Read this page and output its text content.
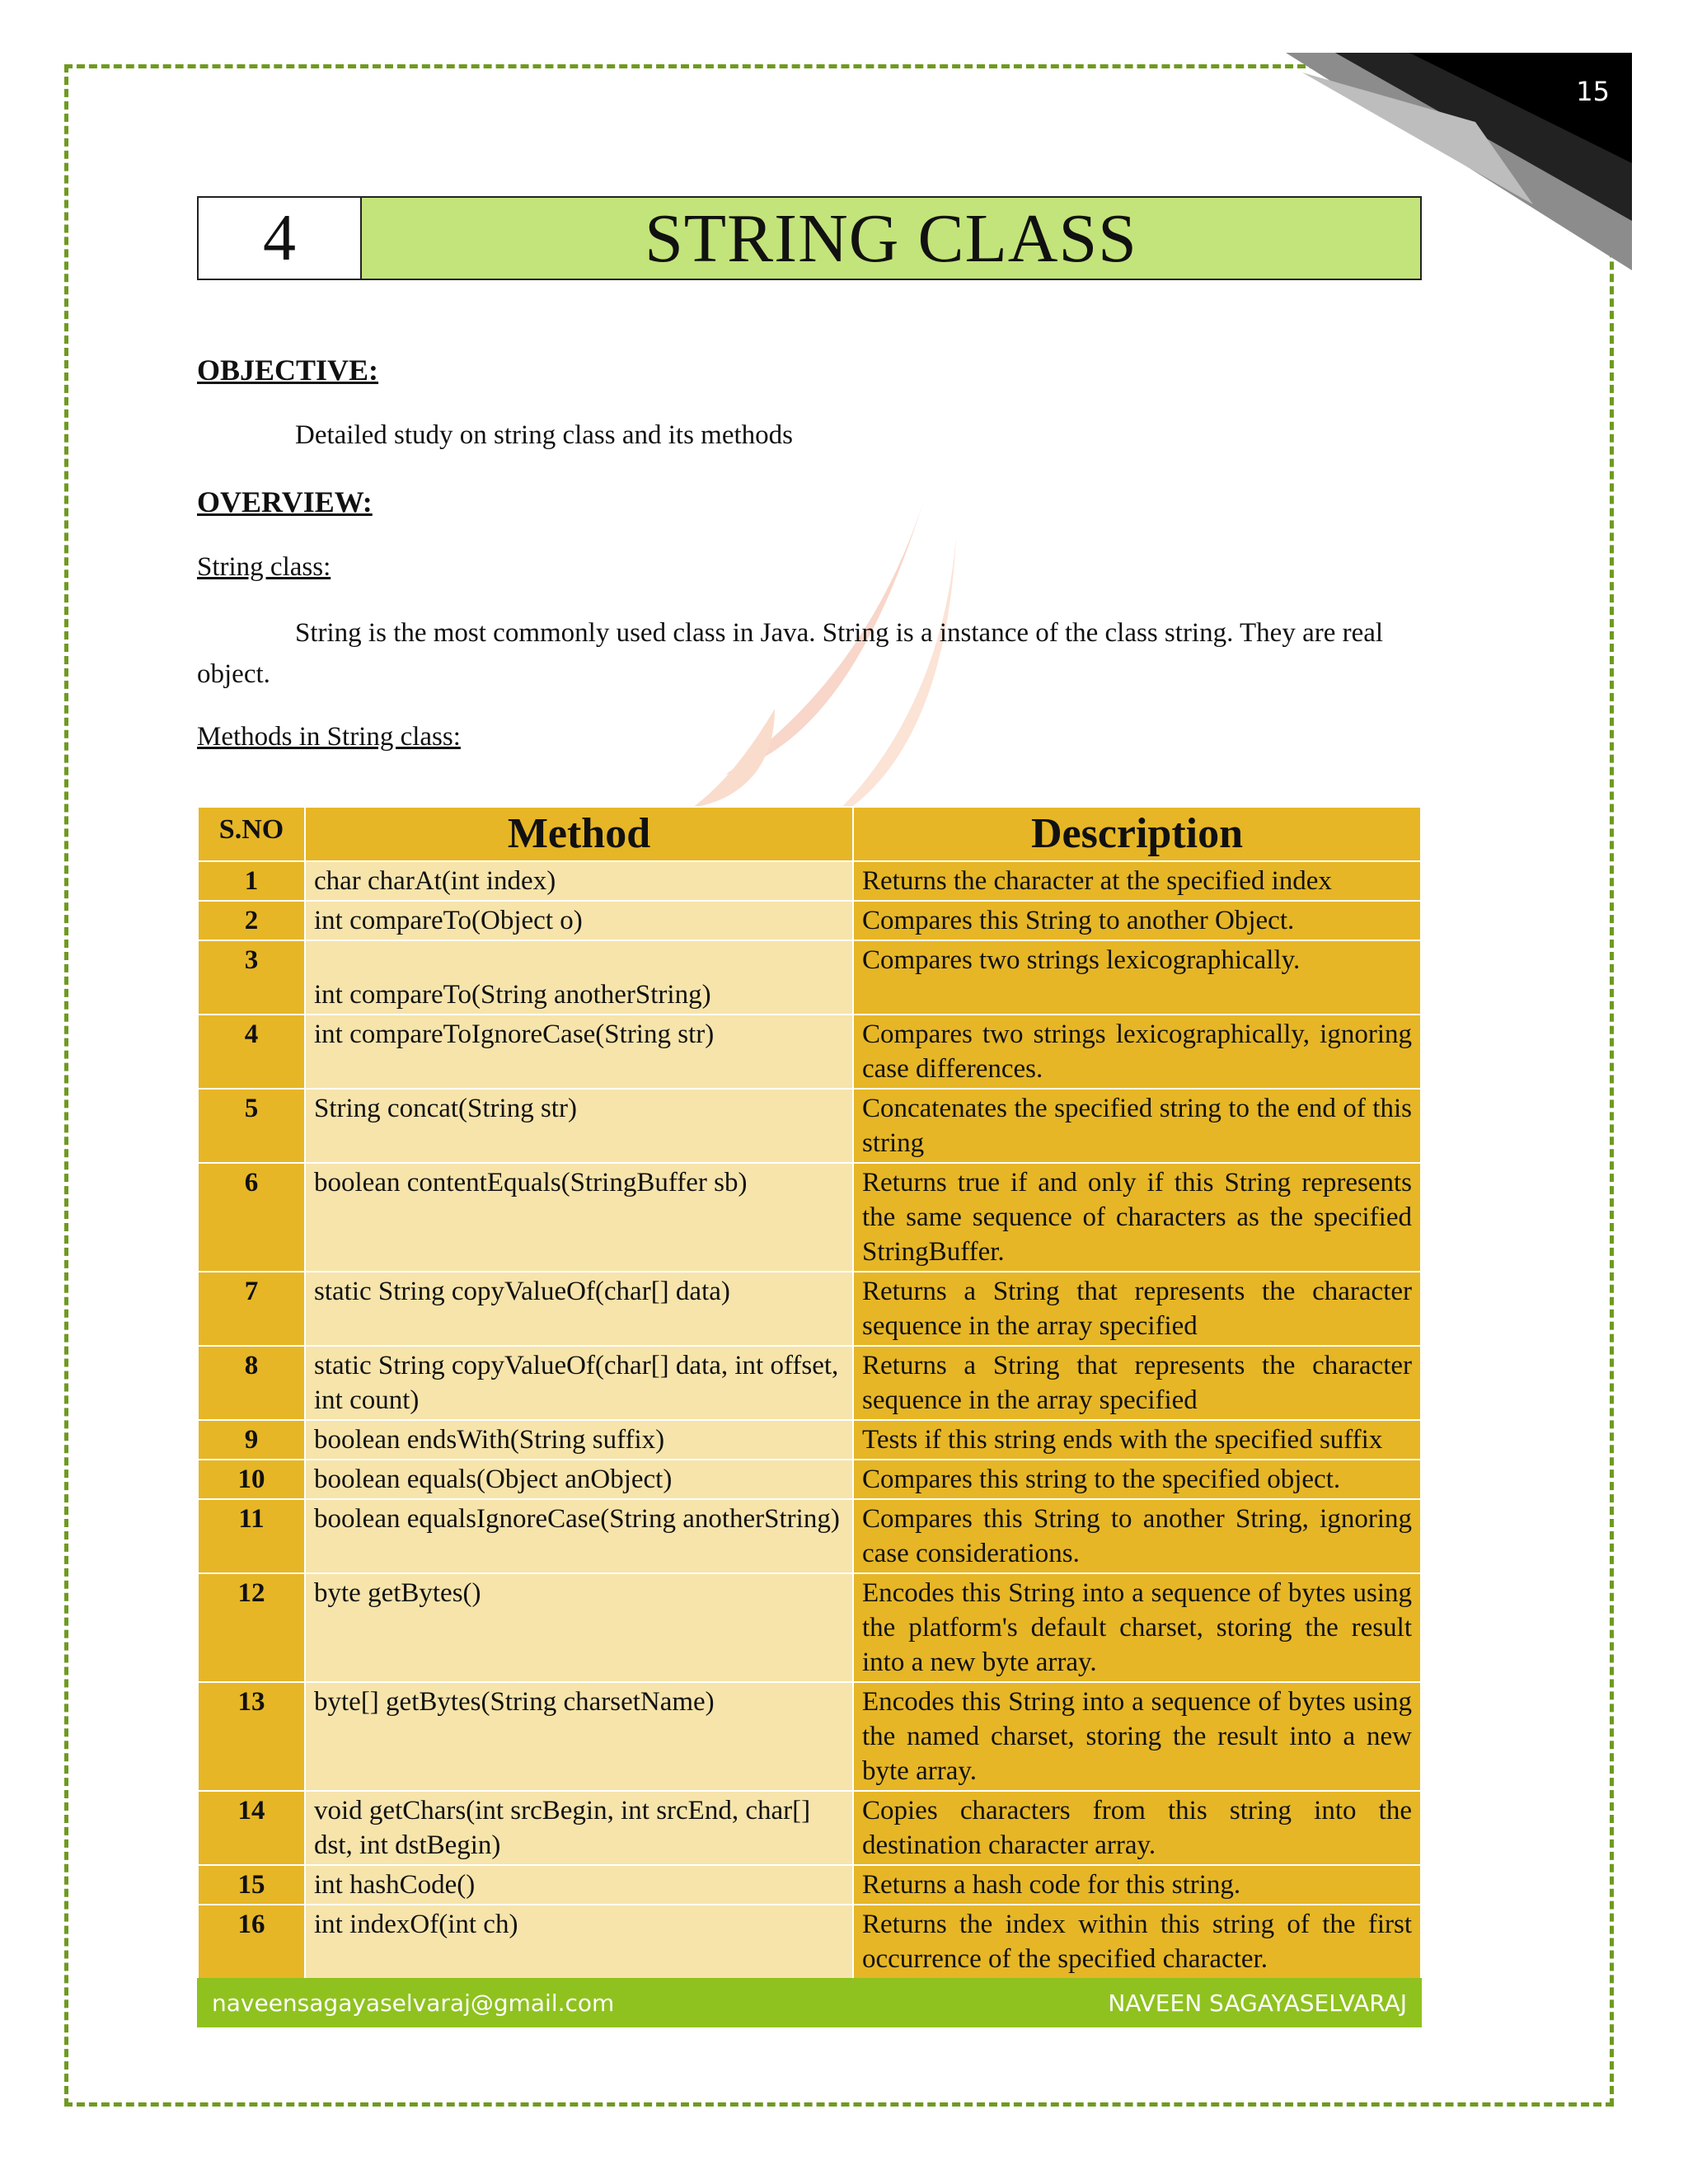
15
4	STRING CLASS
OBJECTIVE:
Detailed study on string class and its methods
OVERVIEW:
String class:
String is the most commonly used class in Java. String is a instance of the class string. They are real
object.
Methods in String class:
S.NO	Method	Description
1	char charAt(int index)	Returns the character at the specified index
2	int compareTo(Object o)	Compares this String to another Object.
3	int compareTo(String anotherString)	Compares two strings lexicographically.
4	int compareToIgnoreCase(String str)	Compares two strings lexicographically, ignoring case differences.
5	String concat(String str)	Concatenates the specified string to the end of this string
6	boolean contentEquals(StringBuffer sb)	Returns true if and only if this String represents the same sequence of characters as the specified StringBuffer.
7	static String copyValueOf(char[] data)	Returns a String that represents the character sequence in the array specified
8	static String copyValueOf(char[] data, int offset, int count)	Returns a String that represents the character sequence in the array specified
9	boolean endsWith(String suffix)	Tests if this string ends with the specified suffix
10	boolean equals(Object anObject)	Compares this string to the specified object.
11	boolean equalsIgnoreCase(String anotherString)	Compares this String to another String, ignoring case considerations.
12	byte getBytes()	Encodes this String into a sequence of bytes using the platform's default charset, storing the result into a new byte array.
13	byte[] getBytes(String charsetName)	Encodes this String into a sequence of bytes using the named charset, storing the result into a new byte array.
14	void getChars(int srcBegin, int srcEnd, char[] dst, int dstBegin)	Copies characters from this string into the destination character array.
15	int hashCode()	Returns a hash code for this string.
16	int indexOf(int ch)	Returns the index within this string of the first occurrence of the specified character.
naveensagayaselvaraj@gmail.com	NAVEEN SAGAYASELVARAJ
